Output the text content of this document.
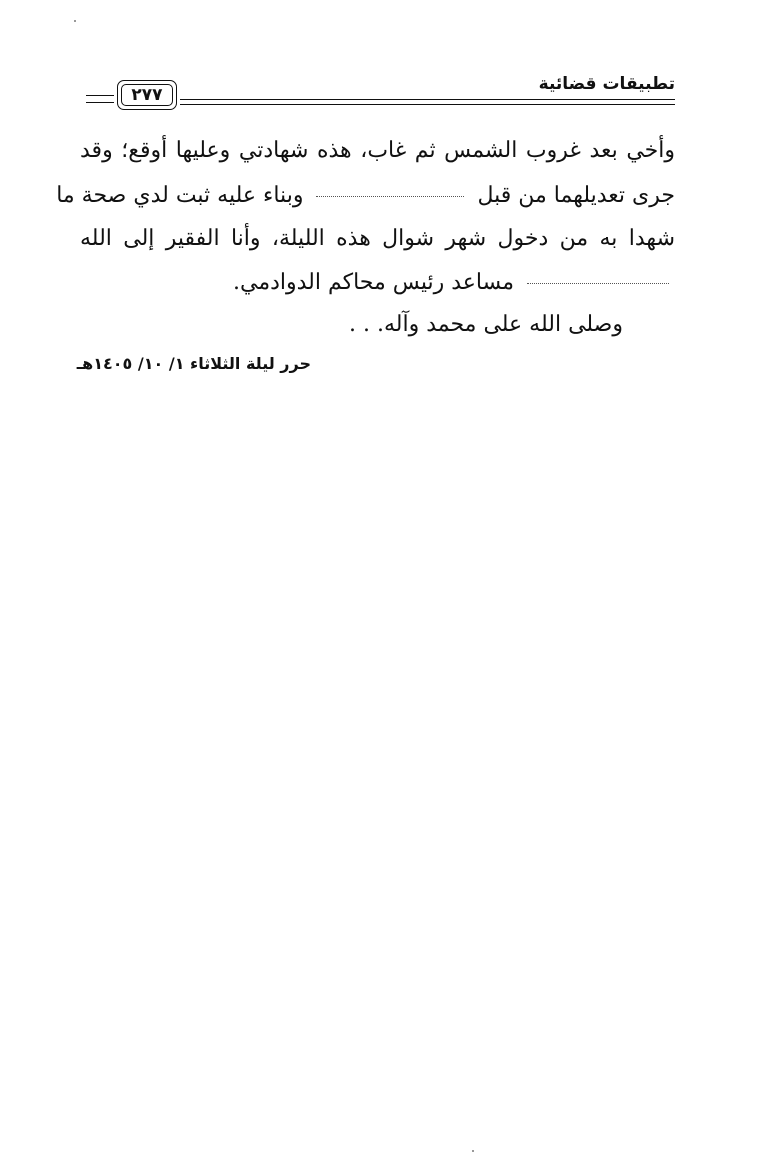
تطبيقات قضائية
٢٧٧
وأخي بعد غروب الشمس ثم غاب، هذه شهادتي وعليها أوقع؛ وقد
جرى تعديلهما من قبل  وبناء عليه ثبت لدي صحة ما
شهدا به من دخول شهر شوال هذه الليلة، وأنا الفقير إلى الله
مساعد رئيس محاكم الدوادمي.
وصلى الله على محمد وآله. . .
حرر ليلة الثلاثاء ١/ ١٠/ ١٤٠٥هـ
